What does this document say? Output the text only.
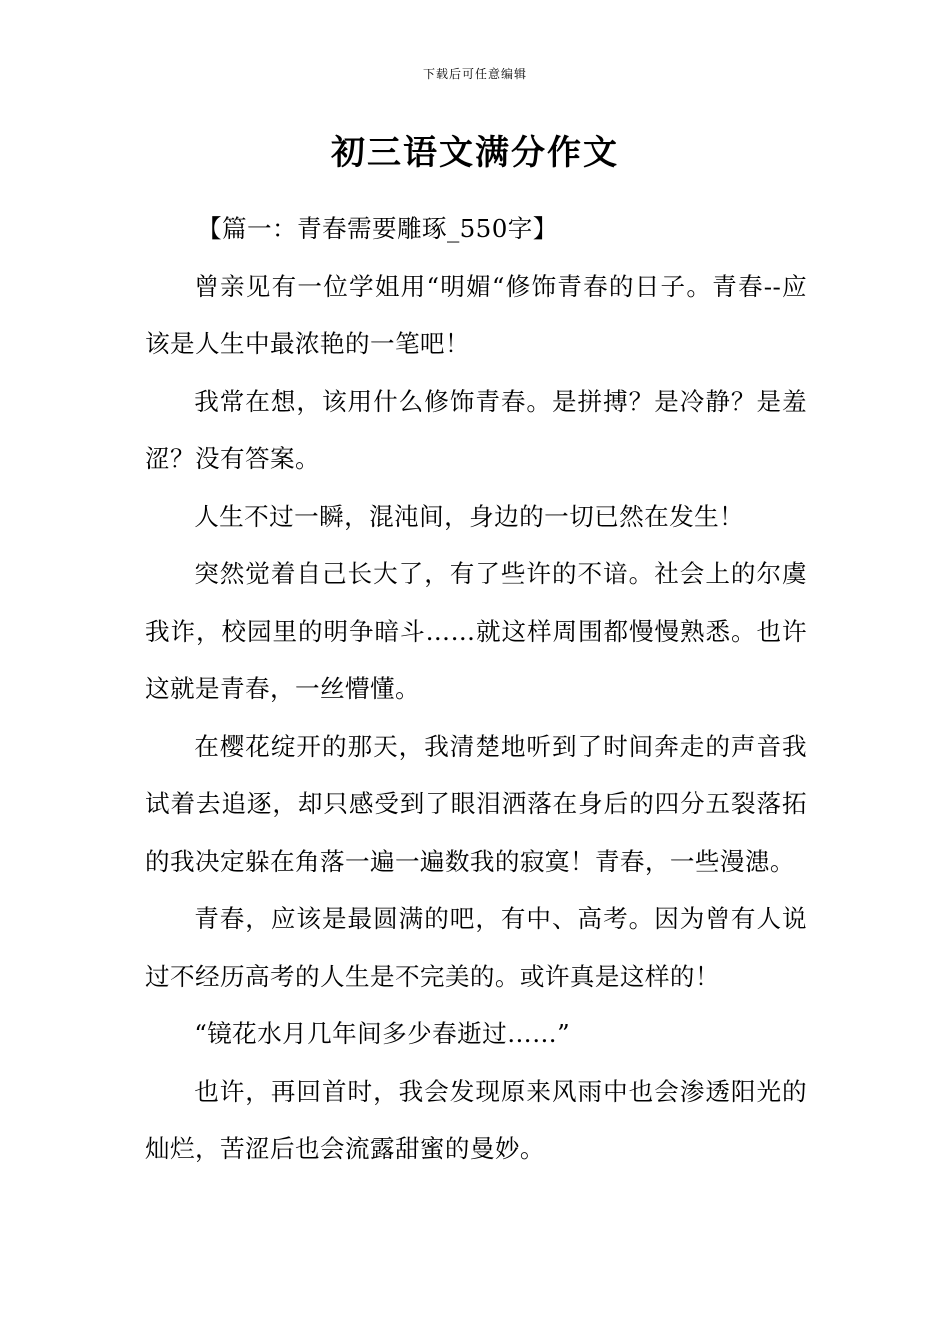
下载后可任意编辑
初三语文满分作文

【篇一：青春需要雕琢_550字】

曾亲见有一位学姐用“明媚“修饰青春的日子。青春--应该是人生中最浓艳的一笔吧！

我常在想，该用什么修饰青春。是拼搏？是冷静？是羞涩？没有答案。

人生不过一瞬，混沌间，身边的一切已然在发生！

突然觉着自己长大了，有了些许的不谙。社会上的尔虞我诈，校园里的明争暗斗……就这样周围都慢慢熟悉。也许这就是青春，一丝懵懂。

在樱花绽开的那天，我清楚地听到了时间奔走的声音我试着去追逐，却只感受到了眼泪洒落在身后的四分五裂落拓的我决定躲在角落一遍一遍数我的寂寞！青春，一些漫漶。

青春，应该是最圆满的吧，有中、高考。因为曾有人说过不经历高考的人生是不完美的。或许真是这样的！

“镜花水月几年间多少春逝过……”

也许，再回首时，我会发现原来风雨中也会渗透阳光的灿烂，苦涩后也会流露甜蜜的曼妙。
